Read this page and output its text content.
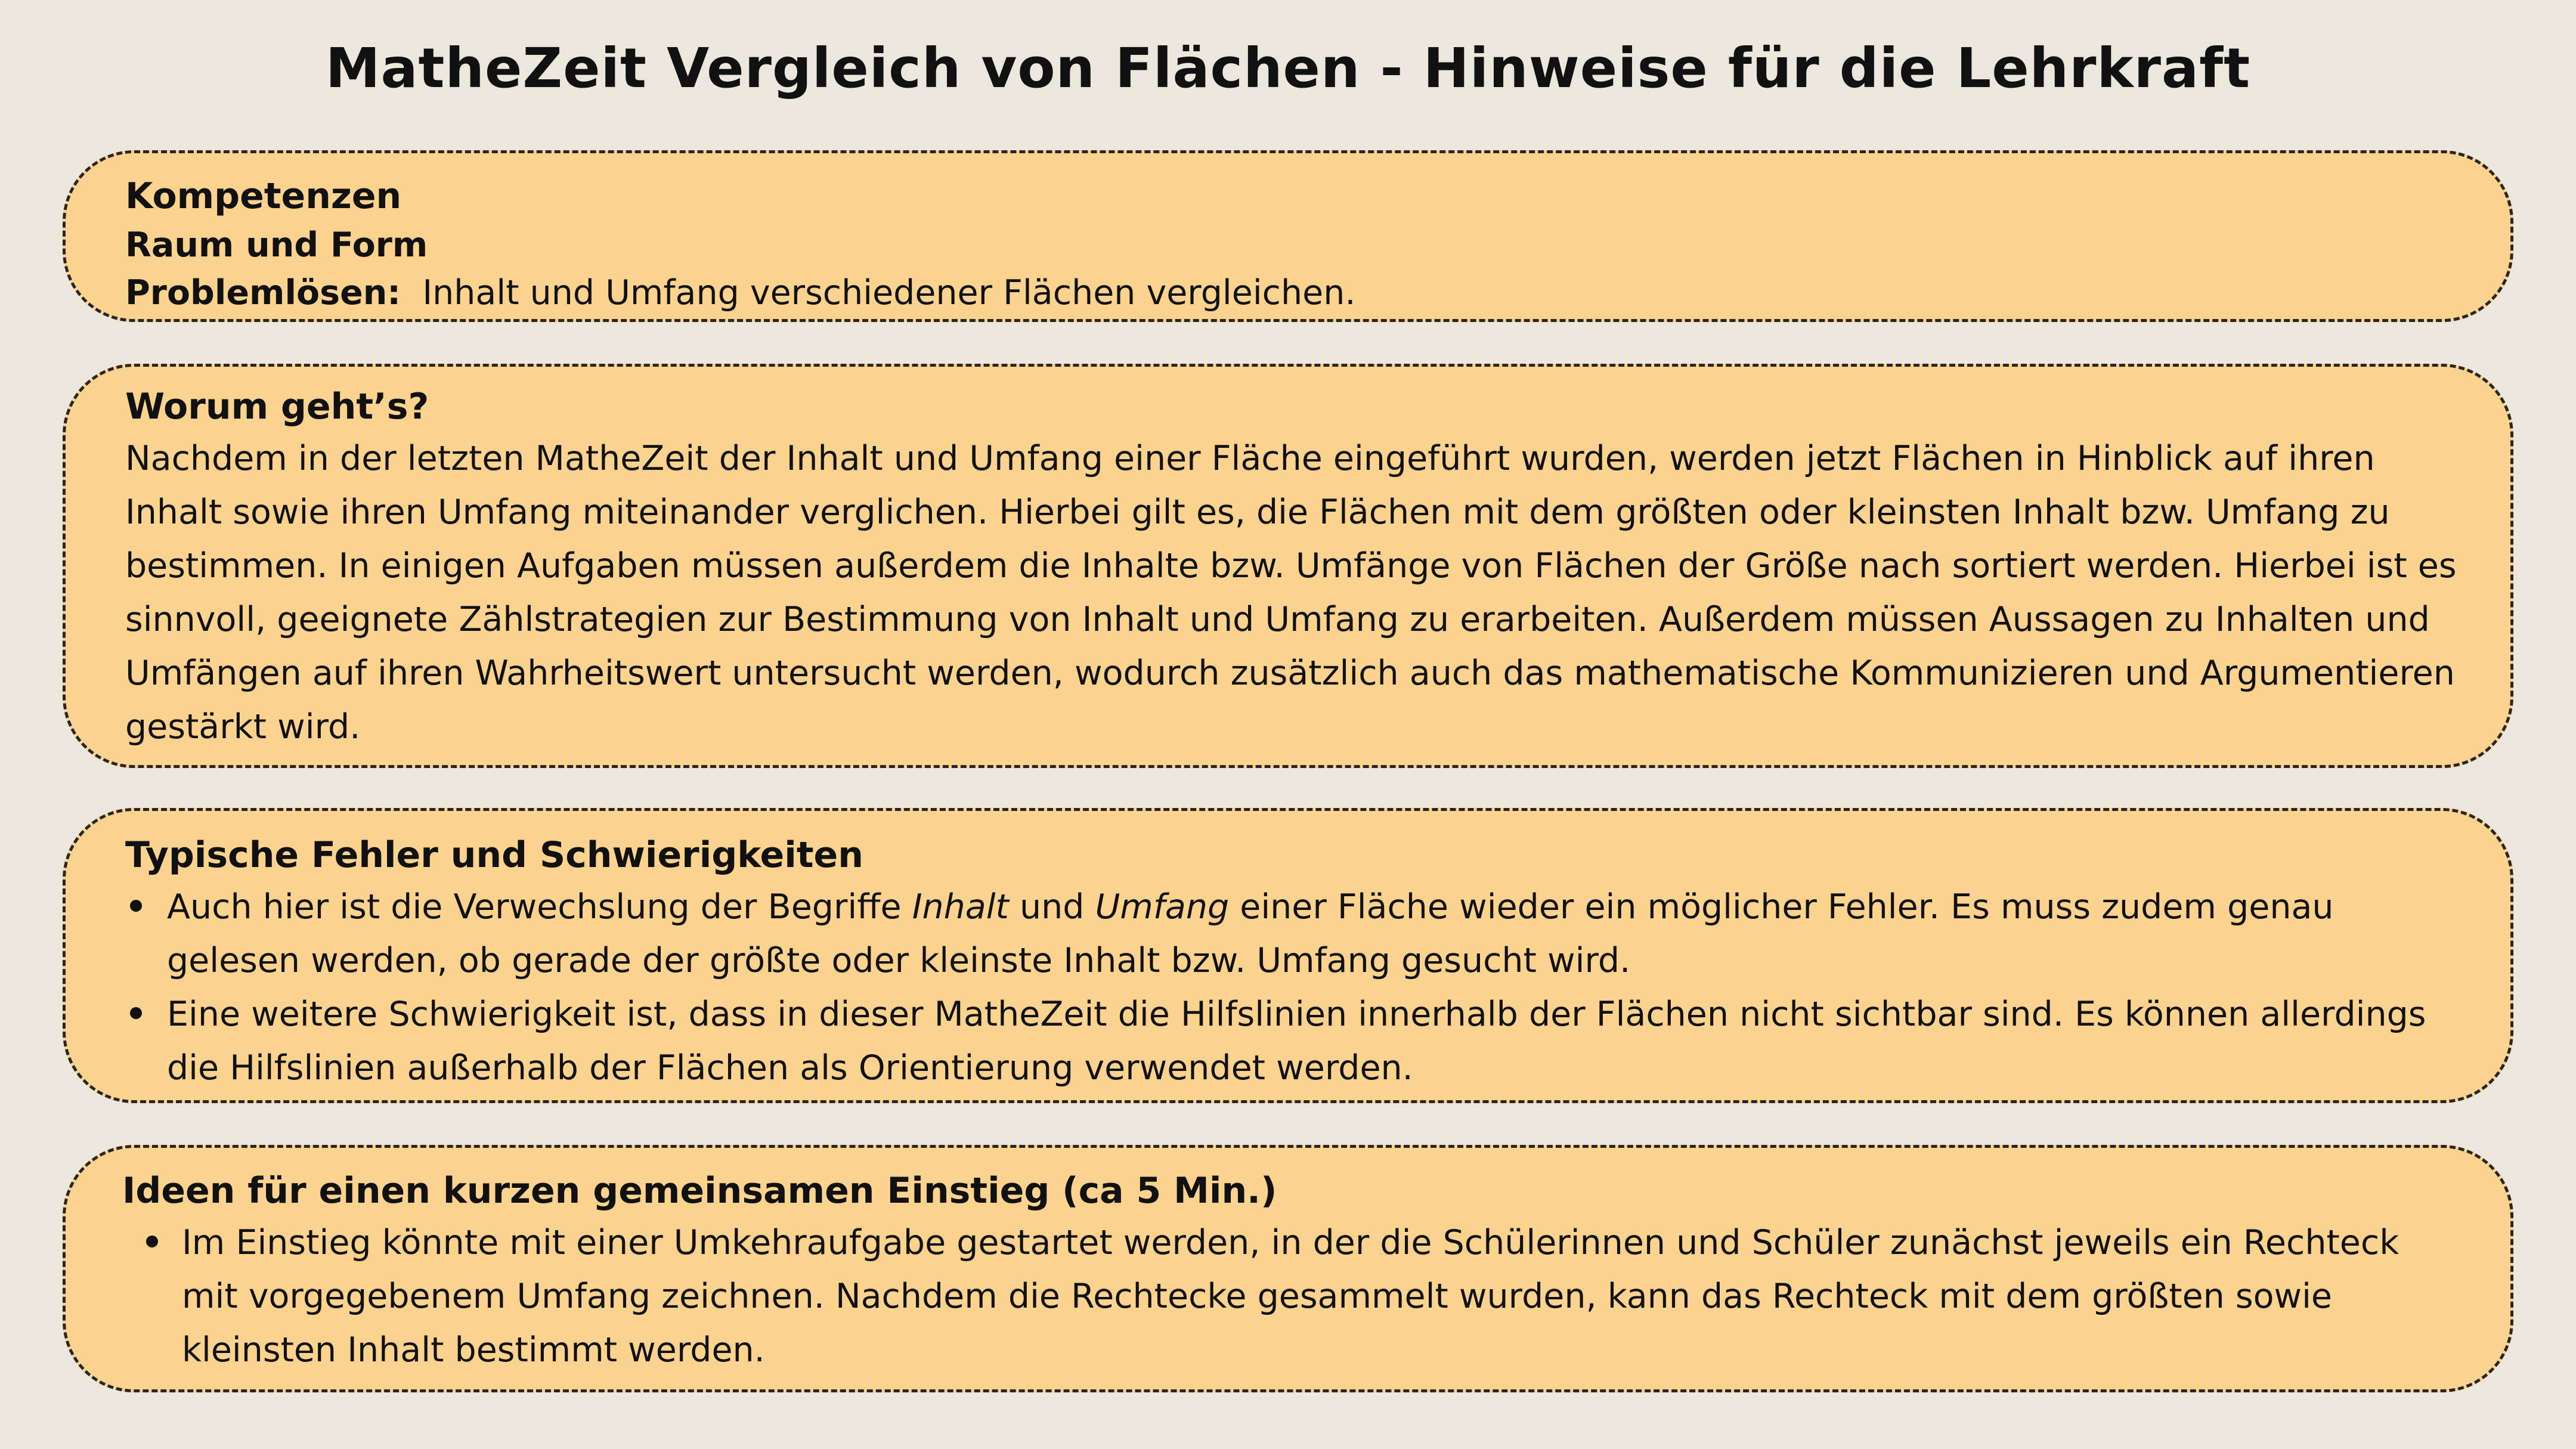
MatheZeit Vergleich von Flächen - Hinweise für die Lehrkraft
Kompetenzen

Raum und Form

Problemlösen: Inhalt und Umfang verschiedener Flächen vergleichen.

Worum geht’s?

Nachdem in der letzten MatheZeit der Inhalt und Umfang einer Fläche eingeführt wurden, werden jetzt Flächen in Hinblick auf ihren Inhalt sowie ihren Umfang miteinander verglichen. Hierbei gilt es, die Flächen mit dem größten oder kleinsten Inhalt bzw. Umfang zu bestimmen. In einigen Aufgaben müssen außerdem die Inhalte bzw. Umfänge von Flächen der Größe nach sortiert werden. Hierbei ist es sinnvoll, geeignete Zählstrategien zur Bestimmung von Inhalt und Umfang zu erarbeiten. Außerdem müssen Aussagen zu Inhalten und Umfängen auf ihren Wahrheitswert untersucht werden, wodurch zusätzlich auch das mathematische Kommunizieren und Argumentieren gestärkt wird.

Typische Fehler und Schwierigkeiten
Auch hier ist die Verwechslung der Begriffe Inhalt und Umfang einer Fläche wieder ein möglicher Fehler. Es muss zudem genau gelesen werden, ob gerade der größte oder kleinste Inhalt bzw. Umfang gesucht wird.
Eine weitere Schwierigkeit ist, dass in dieser MatheZeit die Hilfslinien innerhalb der Flächen nicht sichtbar sind. Es können allerdings die Hilfslinien außerhalb der Flächen als Orientierung verwendet werden.
Ideen für einen kurzen gemeinsamen Einstieg (ca 5 Min.)
Im Einstieg könnte mit einer Umkehraufgabe gestartet werden, in der die Schülerinnen und Schüler zunächst jeweils ein Rechteck mit vorgegebenem Umfang zeichnen. Nachdem die Rechtecke gesammelt wurden, kann das Rechteck mit dem größten sowie kleinsten Inhalt bestimmt werden.
